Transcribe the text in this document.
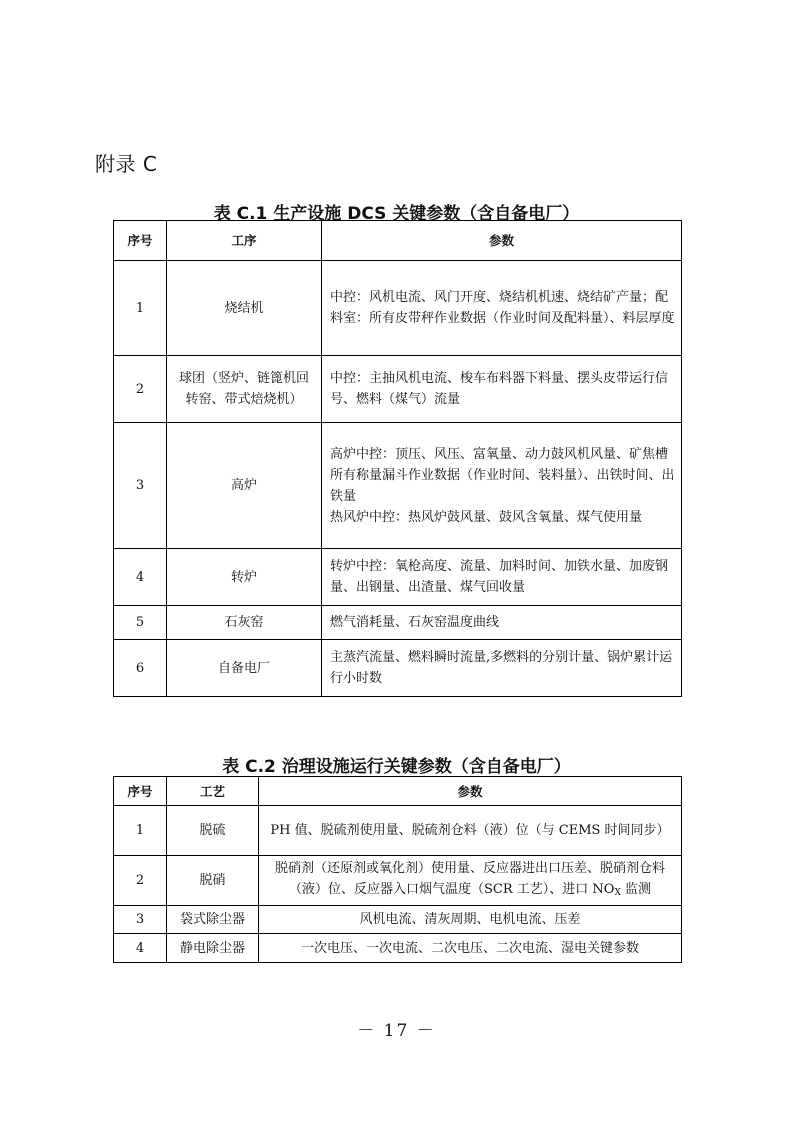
附录 C
表 C.1 生产设施 DCS 关键参数（含自备电厂）
序号	工序	参数
1	烧结机	中控：风机电流、风门开度、烧结机机速、烧结矿产量；配料室：所有皮带秤作业数据（作业时间及配料量）、料层厚度
2	球团（竖炉、链篦机回转窑、带式焙烧机）	中控：主抽风机电流、梭车布料器下料量、摆头皮带运行信号、燃料（煤气）流量
3	高炉	高炉中控：顶压、风压、富氧量、动力鼓风机风量、矿焦槽所有称量漏斗作业数据（作业时间、装料量）、出铁时间、出铁量
热风炉中控：热风炉鼓风量、鼓风含氧量、煤气使用量

4	转炉	转炉中控：氧枪高度、流量、加料时间、加铁水量、加废钢量、出钢量、出渣量、煤气回收量
5	石灰窑	燃气消耗量、石灰窑温度曲线
6	自备电厂	主蒸汽流量、燃料瞬时流量,多燃料的分别计量、锅炉累计运行小时数
表 C.2 治理设施运行关键参数（含自备电厂）
序号	工艺	参数
1	脱硫	PH 值、脱硫剂使用量、脱硫剂仓料（液）位（与 CEMS 时间同步）
2	脱硝	脱硝剂（还原剂或氧化剂）使用量、反应器进出口压差、脱硝剂仓料（液）位、反应器入口烟气温度（SCR 工艺）、进口 $NO_X$ 监测
3	袋式除尘器	风机电流、清灰周期、电机电流、压差
4	静电除尘器	一次电压、一次电流、二次电压、二次电流、湿电关键参数
－ 17 －
